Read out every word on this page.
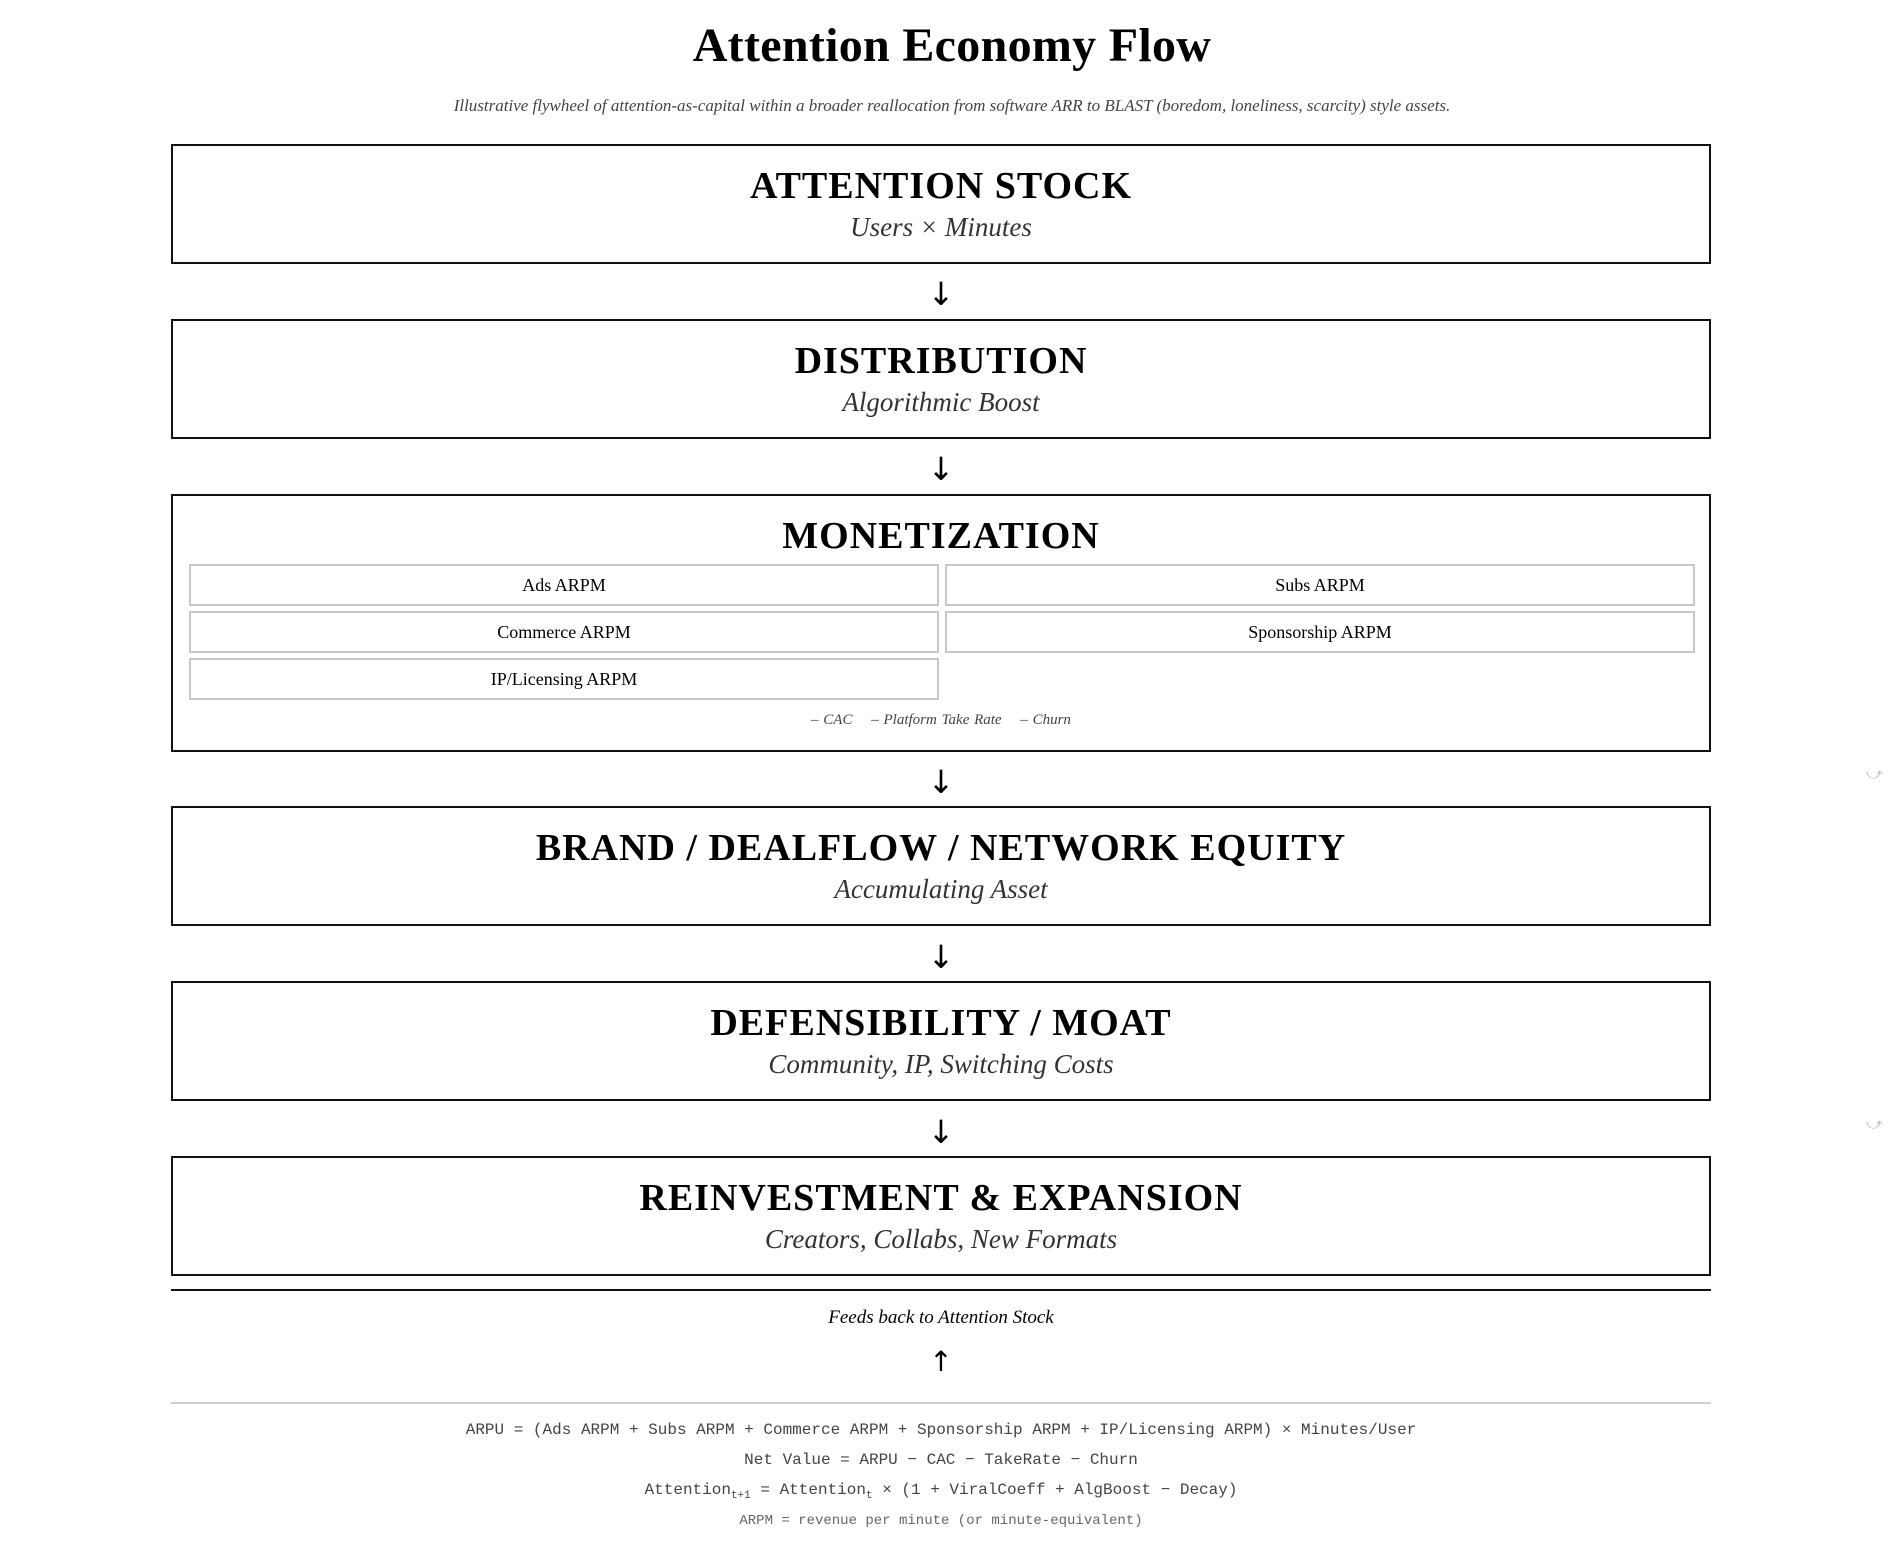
Attention Economy Flow
Illustrative flywheel of attention-as-capital within a broader reallocation from software ARR to BLAST (boredom, loneliness, scarcity) style assets.
ATTENTION STOCK
Users × Minutes
↓
DISTRIBUTION
Algorithmic Boost
↓
MONETIZATION
Ads ARPM	Subs ARPM
Commerce ARPM	Sponsorship ARPM
IP/Licensing ARPM
– CAC – Platform Take Rate – Churn
↓
BRAND / DEALFLOW / NETWORK EQUITY
Accumulating Asset
↓
DEFENSIBILITY / MOAT
Community, IP, Switching Costs
↓
REINVESTMENT & EXPANSION
Creators, Collabs, New Formats
Feeds back to Attention Stock
↑
ARPU = (Ads ARPM + Subs ARPM + Commerce ARPM + Sponsorship ARPM + IP/Licensing ARPM) × Minutes/User
Net Value = ARPU − CAC − TakeRate − Churn
Attention$_{t+1}$ = Attention$_t$ × (1 + ViralCoeff + AlgBoost − Decay)
ARPM = revenue per minute (or minute-equivalent)
⤻
⤻
